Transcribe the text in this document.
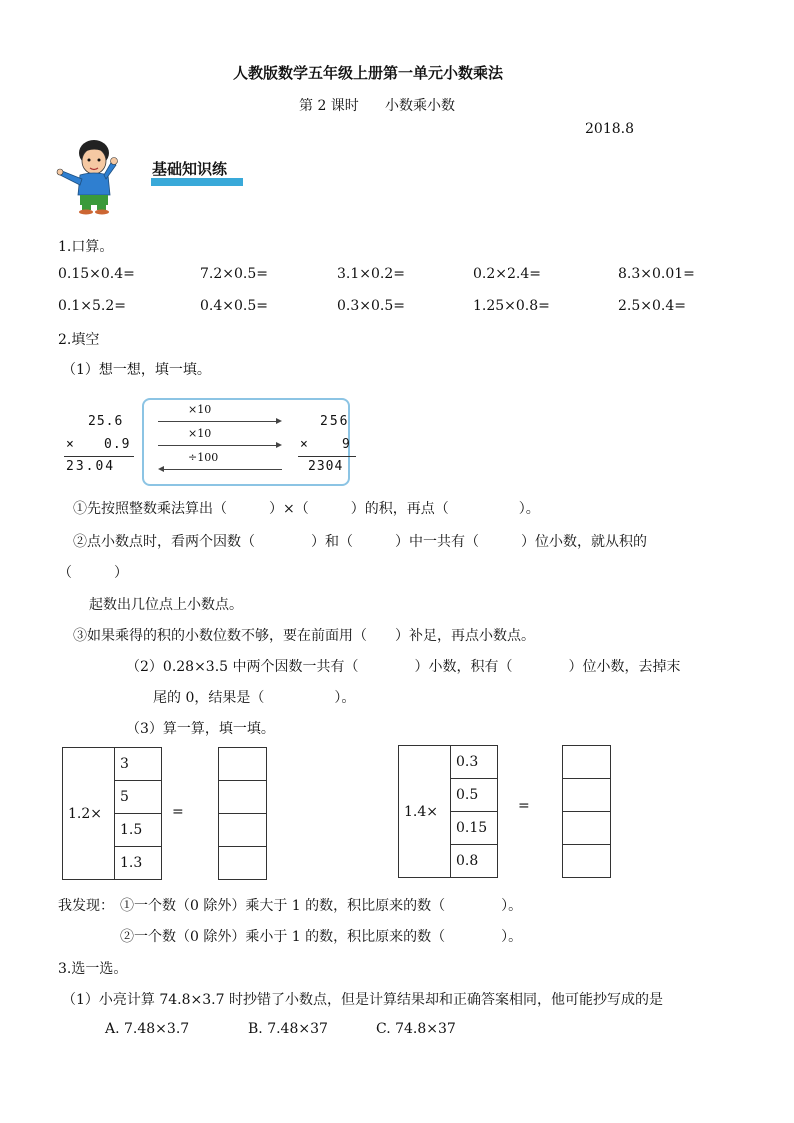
人教版数学五年级上册第一单元小数乘法
第 2 课时 小数乘小数
2018.8
基础知识练
1.口算。
0.15×0.4=	7.2×0.5=	3.1×0.2=	0.2×2.4=	8.3×0.01=
0.1×5.2=	0.4×0.5=	0.3×0.5=	1.25×0.8=	2.5×0.4=
2.填空
（1）想一想，填一填。
25.6
× 0.9
23.04
×10
×10
÷100
256
×	9
2304
①先按照整数乘法算出（　　　）×（　　　）的积，再点（　　　　　）。
②点小数点时，看两个因数（　　　　）和（　　　）中一共有（　　　）位小数，就从积的
（　　　）
起数出几位点上小数点。
③如果乘得的积的小数位数不够，要在前面用（　　）补足，再点小数点。
（2）0.28×3.5 中两个因数一共有（　　　　）小数，积有（　　　　）位小数，去掉末
尾的 0，结果是（　　　　　）。
（3）算一算，填一填。
1.2×
3
5
1.5
1.3
=	1.4×
0.3
0.5
0.15
0.8
=
我发现： ①一个数（0 除外）乘大于 1 的数，积比原来的数（　　　　）。
②一个数（0 除外）乘小于 1 的数，积比原来的数（　　　　）。
3.选一选。
（1）小亮计算 74.8×3.7 时抄错了小数点，但是计算结果却和正确答案相同，他可能抄写成的是
A. 7.48×3.7	B. 7.48×37	C. 74.8×37
